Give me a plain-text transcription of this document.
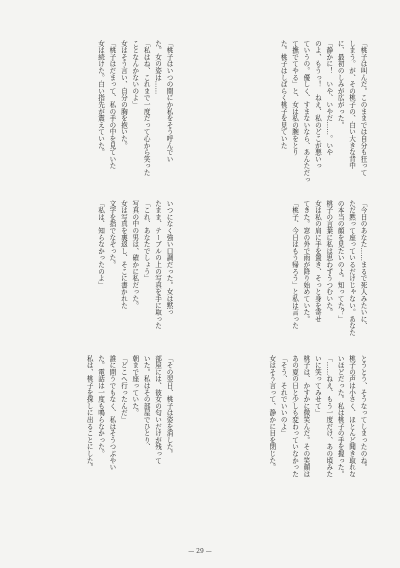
「桃子は叫んだ。このままでは自分も狂って

しまう。が、その桃子の、白い大きな背中

に、最初のしみが広がった。

「静かに！　いや、いやだ……。いや

のよ、もうっ！　ねえ、私のどこが悪いっ

ていうの。優しく、すまないなら、あんただっ

て撫でてやる」と、女は私の腕をとり

た。桃子はしばらく桃子を見ていた

「桃子はいつの間にか私をそう呼んでい

た。女の姿は……

「私はね、これまで一度だって心から笑った

ことなんかないのよ」

女はそう言い、自分の胸を抱いた。

「桃子はだまって、私の手の中を見ていた

女は続けた。白い指先が震えていた。

「今日のあなた……まるで死人みたいに、

ただ黙って座っているだけじゃない。あなた

の本当の顔を見たいのよ。知ってた？」

桃子の言葉に私は思わずうつむいた。

女は私の肩に手を置き、そっと身を寄せ

てきた。窓の外で雨が降り始めていた。

「桃子、今日はもう帰ろう」と私は言った

いつになく強い口調だった。女は黙っ

たまま、テーブルの上の写真を手に取った

「これ、あなたでしょう」

写真の中の男は、確かに私だった。

女は写真を裏返し、そこに書かれた

文字を指でなぞった。

「私は、知らなかったのよ」

とうとう、そうなってしまったのね。

桃子の声は小さく、ほとんど聞き取れな

いほどだった。私は桃子の手を握った。

「……ねえ、もう一度だけ、あの頃みた

いに笑ってみせて」

桃子は、かすかに微笑んだ。その笑顔は

あの夏の日と少しも変わっていなかった

「そう、それでいいのよ」

女はそう言って、静かに目を閉じた。

「その翌日、桃子は姿を消した。

部屋には、彼女の匂いだけが残って

いた。私はその部屋でひとり、

朝まで座っていた。

「どこへ行ったんだ」

誰に問うでもなく、私はそうつぶやい

た。電話は一度も鳴らなかった。

私は、桃子を探しに出ることにした。

— 29 —
